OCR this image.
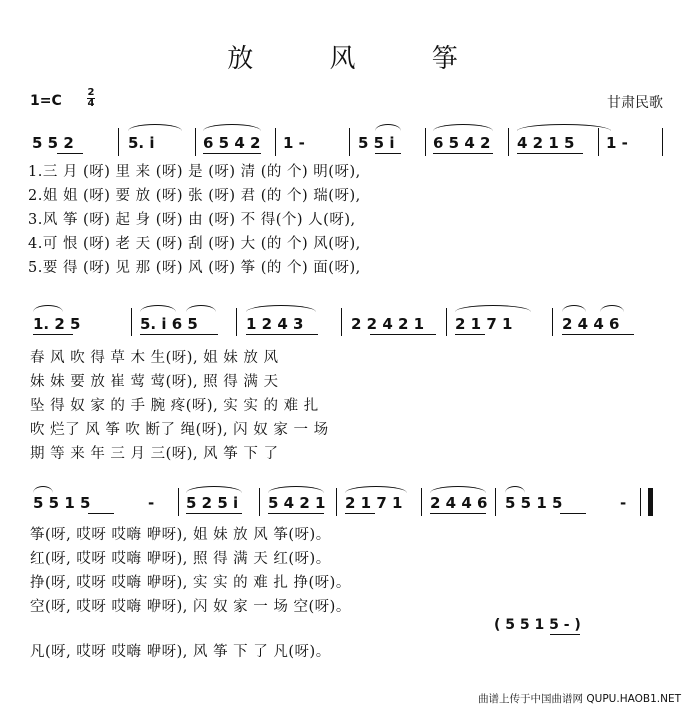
放 风 筝
1=C
2
4	甘肃民歌
5 5 2	5. i	6 5 4 2 1 -	5 5 i	6 5 4 2 4 2 1 5 1 -
1.三 月 (呀) 里 来 (呀) 是 (呀) 清 (的 个) 明(呀),
2.姐 姐 (呀) 要 放 (呀) 张 (呀) 君 (的 个) 瑞(呀),
3.风 筝 (呀) 起 身 (呀) 由 (呀) 不 得(个) 人(呀),
4.可 恨 (呀) 老 天 (呀) 刮 (呀) 大 (的 个) 风(呀),
5.要 得 (呀) 见 那 (呀) 风 (呀) 筝 (的 个) 面(呀),
1. 2 5	5. i 6 5	1 2 4 3	2 2 4 2 1 2 1 7 1	2 4 4 6
春 风 吹 得 草 木 生(呀), 姐 妹 放 风
妹 妹 要 放 崔 莺 莺(呀), 照 得 满 天
坠 得 奴 家 的 手 腕 疼(呀), 实 实 的 难 扎
吹 烂了 风 筝 吹 断了 绳(呀), 闪 奴 家 一 场
期 等 来 年 三 月 三(呀), 风 筝 下 了
5 5 1 5	- 5 2 5 i 5 4 2 1 2 1 7 1 2 4 4 6 5 5 1 5	-
筝(呀, 哎呀 哎嗨 咿呀), 姐 妹 放 风 筝(呀)。
红(呀, 哎呀 哎嗨 咿呀), 照 得 满 天 红(呀)。
挣(呀, 哎呀 哎嗨 咿呀), 实 实 的 难 扎 挣(呀)。
空(呀, 哎呀 哎嗨 咿呀), 闪 奴 家 一 场 空(呀)。
( 5 5 1 5 - )
凡(呀, 哎呀 哎嗨 咿呀), 风 筝 下 了 凡(呀)。
曲谱上传于中国曲谱网 QUPU.HAOB1.NET
